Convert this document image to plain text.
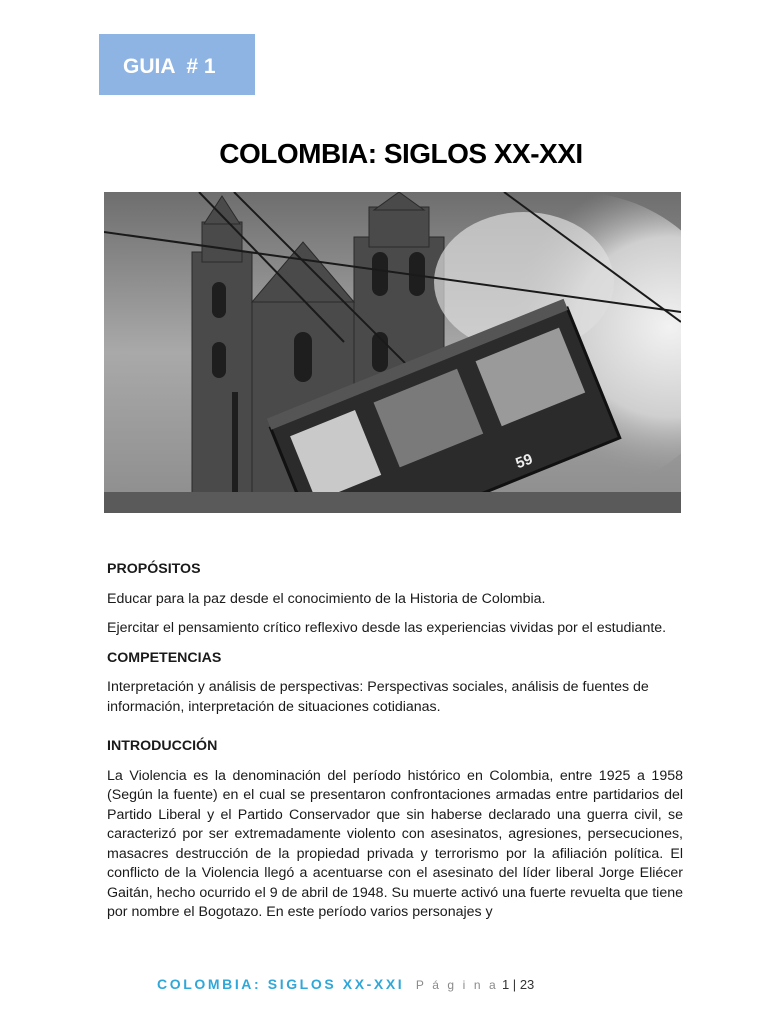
GUIA  # 1
COLOMBIA: SIGLOS XX-XXI
59

PROPÓSITOS

Educar para la paz desde el conocimiento de la Historia de Colombia.

Ejercitar el pensamiento crítico reflexivo desde las experiencias vividas por el estudiante.

COMPETENCIAS

Interpretación y análisis de perspectivas: Perspectivas sociales, análisis de fuentes de información, interpretación de situaciones cotidianas.

INTRODUCCIÓN

La Violencia es la denominación del período histórico en Colombia, entre 1925 a 1958 (Según la fuente) en el cual se presentaron confrontaciones armadas entre partidarios del Partido Liberal y el Partido Conservador que sin haberse declarado una guerra civil, se caracterizó por ser extremadamente violento con asesinatos, agresiones, persecuciones, masacres destrucción de la propiedad privada y terrorismo por la afiliación política. El conflicto de la Violencia llegó a acentuarse con el asesinato del líder liberal Jorge Eliécer Gaitán, hecho ocurrido el 9 de abril de 1948. Su muerte activó una fuerte revuelta que tiene por nombre el Bogotazo. En este período varios personajes y

COLOMBIA: SIGLOS XX-XXI P á g i n a 1 | 23
